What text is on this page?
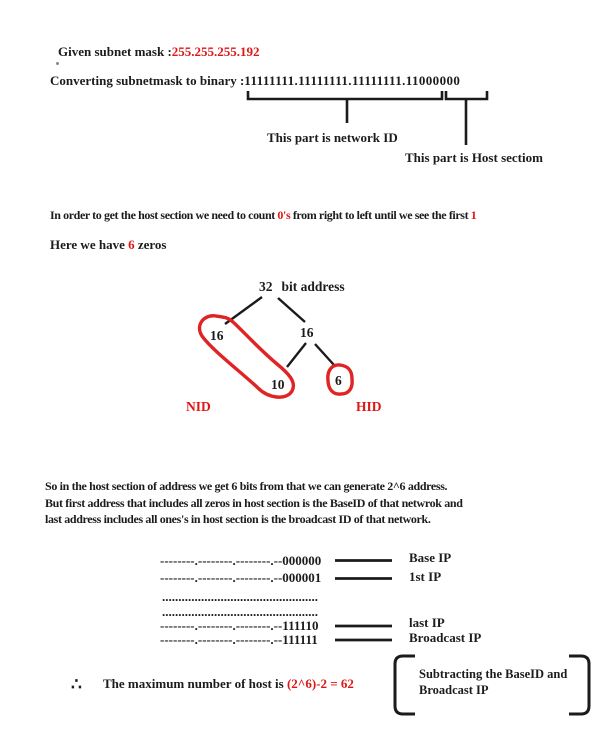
Given subnet mask :255.255.255.192
Converting subnetmask to binary :11111111.11111111.11111111.11000000
This part is network ID
This part is Host sectiom
In order to get the host section we need to count 0's from right to left until we see the first 1
Here we have 6 zeros
32 bit address
16	16
10	6
NID	HID
So in the host section of address we get 6 bits from that we can generate 2^6 address.
But first address that includes all zeros in host section is the BaseID of that netwrok and
last address includes all ones's in host section is the broadcast ID of that network.
--------.--------.--------.--000000
--------.--------.--------.--000001
................................................
................................................
--------.--------.--------.--111110
--------.--------.--------.--111111
Base IP
1st IP
last IP
Broadcast IP
∴ The maximum number of host is (2^6)-2 = 62
Subtracting the BaseID and
Broadcast IP
